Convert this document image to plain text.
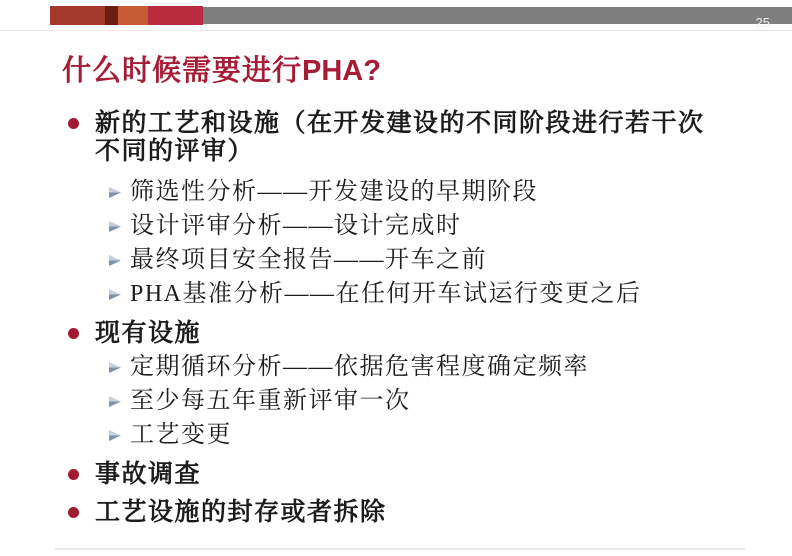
25
什么时候需要进行PHA?
新的工艺和设施（在开发建设的不同阶段进行若干次
不同的评审）
筛选性分析——开发建设的早期阶段
设计评审分析——设计完成时
最终项目安全报告——开车之前
PHA基准分析——在任何开车试运行变更之后
现有设施
定期循环分析——依据危害程度确定频率
至少每五年重新评审一次
工艺变更
事故调查
工艺设施的封存或者拆除
